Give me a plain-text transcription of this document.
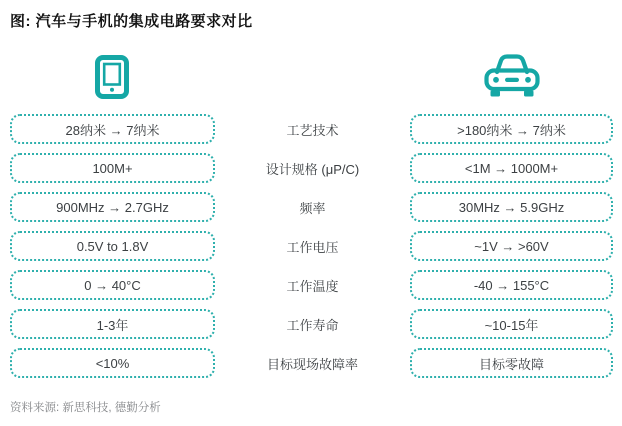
图: 汽车与手机的集成电路要求对比
28纳米 → 7纳米	工艺技术	>180纳米 → 7纳米
100M+	设计规格 (μP/C)	<1M → 1000M+
900MHz → 2.7GHz	频率	30MHz → 5.9GHz
0.5V to 1.8V	工作电压	~1V → >60V
0 → 40°C	工作温度	-40 → 155°C
1-3年	工作寿命	~10-15年
<10%	目标现场故障率	目标零故障
资料来源: 新思科技, 德勤分析
